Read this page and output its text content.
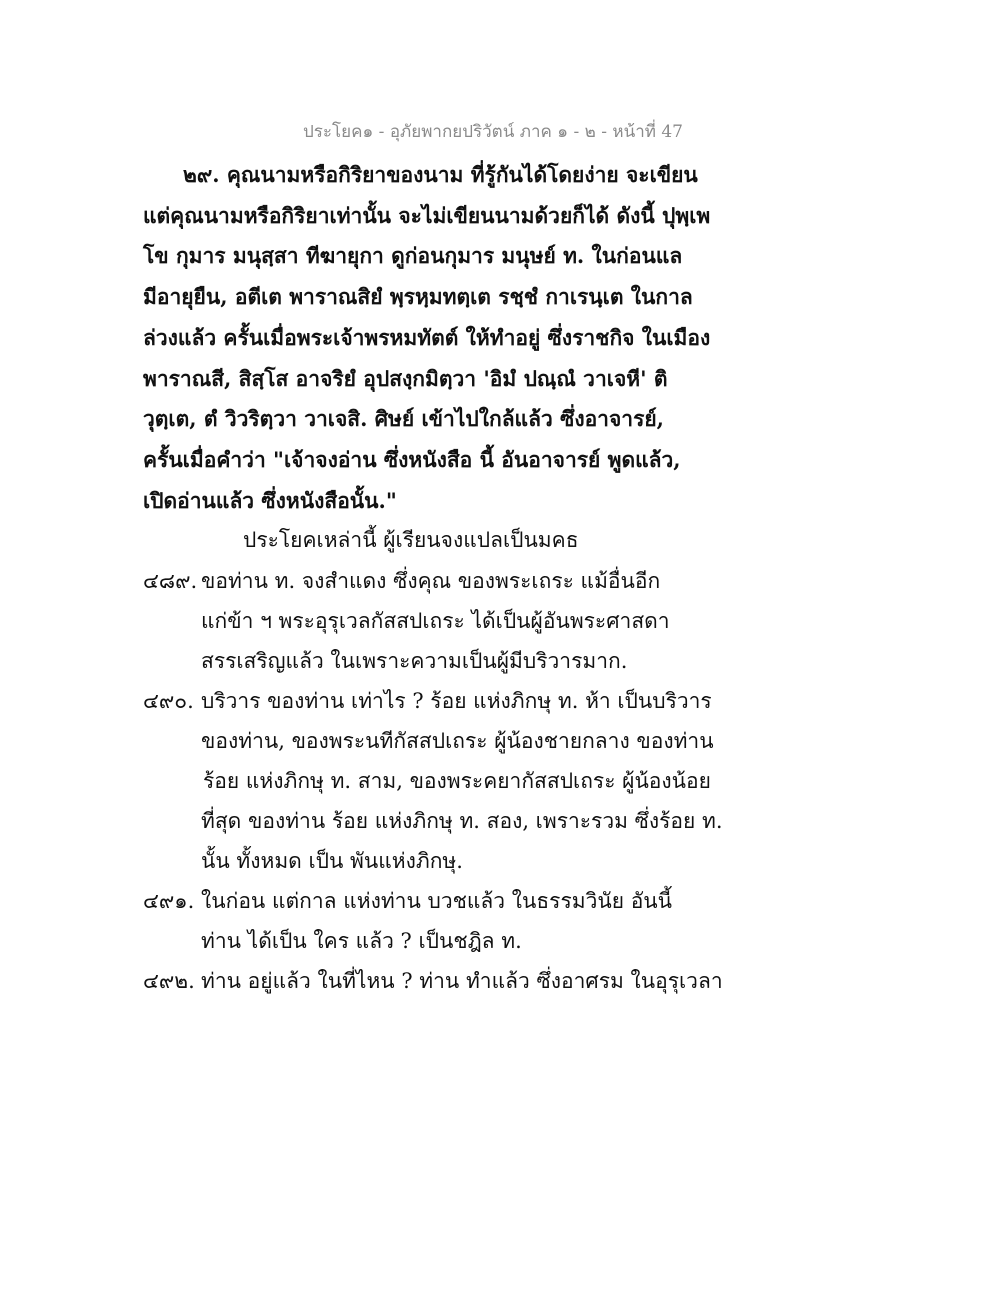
ประโยค๑ - อุภัยพากยปริวัตน์ ภาค ๑ - ๒ - หน้าที่ 47
๒๙. คุณนามหรือกิริยาของนาม ที่รู้กันได้โดยง่าย จะเขียน
แต่คุณนามหรือกิริยาเท่านั้น จะไม่เขียนนามด้วยก็ได้ ดังนี้ ปุพฺเพ
โข กุมาร มนุสฺสา ทีฆายุกา ดูก่อนกุมาร มนุษย์ ท. ในก่อนแล
มีอายุยืน, อตีเต พาราณสิยํ พฺรหฺมทตฺเต รชฺชํ กาเรนฺเต ในกาล
ล่วงแล้ว ครั้นเมื่อพระเจ้าพรหมทัตต์ ให้ทำอยู่ ซึ่งราชกิจ ในเมือง
พาราณสี, สิสฺโส อาจริยํ อุปสงฺกมิตฺวา 'อิมํ ปณฺณํ วาเจหี' ติ
วุตฺเต, ตํ วิวริตฺวา วาเจสิ. ศิษย์ เข้าไปใกล้แล้ว ซึ่งอาจารย์,
ครั้นเมื่อคำว่า "เจ้าจงอ่าน ซึ่งหนังสือ นี้ อันอาจารย์ พูดแล้ว,
เปิดอ่านแล้ว ซึ่งหนังสือนั้น."
ประโยคเหล่านี้ ผู้เรียนจงแปลเป็นมคธ
๔๘๙. ขอท่าน ท. จงสำแดง ซึ่งคุณ ของพระเถระ แม้อื่นอีก
แก่ข้า ฯ พระอุรุเวลกัสสปเถระ ได้เป็นผู้อันพระศาสดา
สรรเสริญแล้ว ในเพราะความเป็นผู้มีบริวารมาก.
๔๙๐. บริวาร ของท่าน เท่าไร ? ร้อย แห่งภิกษุ ท. ห้า เป็นบริวาร
ของท่าน, ของพระนทีกัสสปเถระ ผู้น้องชายกลาง ของท่าน
ร้อย แห่งภิกษุ ท. สาม, ของพระคยากัสสปเถระ ผู้น้องน้อย
ที่สุด ของท่าน ร้อย แห่งภิกษุ ท. สอง, เพราะรวม ซึ่งร้อย ท.
นั้น ทั้งหมด เป็น พันแห่งภิกษุ.
๔๙๑. ในก่อน แต่กาล แห่งท่าน บวชแล้ว ในธรรมวินัย อันนี้
ท่าน ได้เป็น ใคร แล้ว ? เป็นชฎิล ท.
๔๙๒. ท่าน อยู่แล้ว ในที่ไหน ? ท่าน ทำแล้ว ซึ่งอาศรม ในอุรุเวลา
